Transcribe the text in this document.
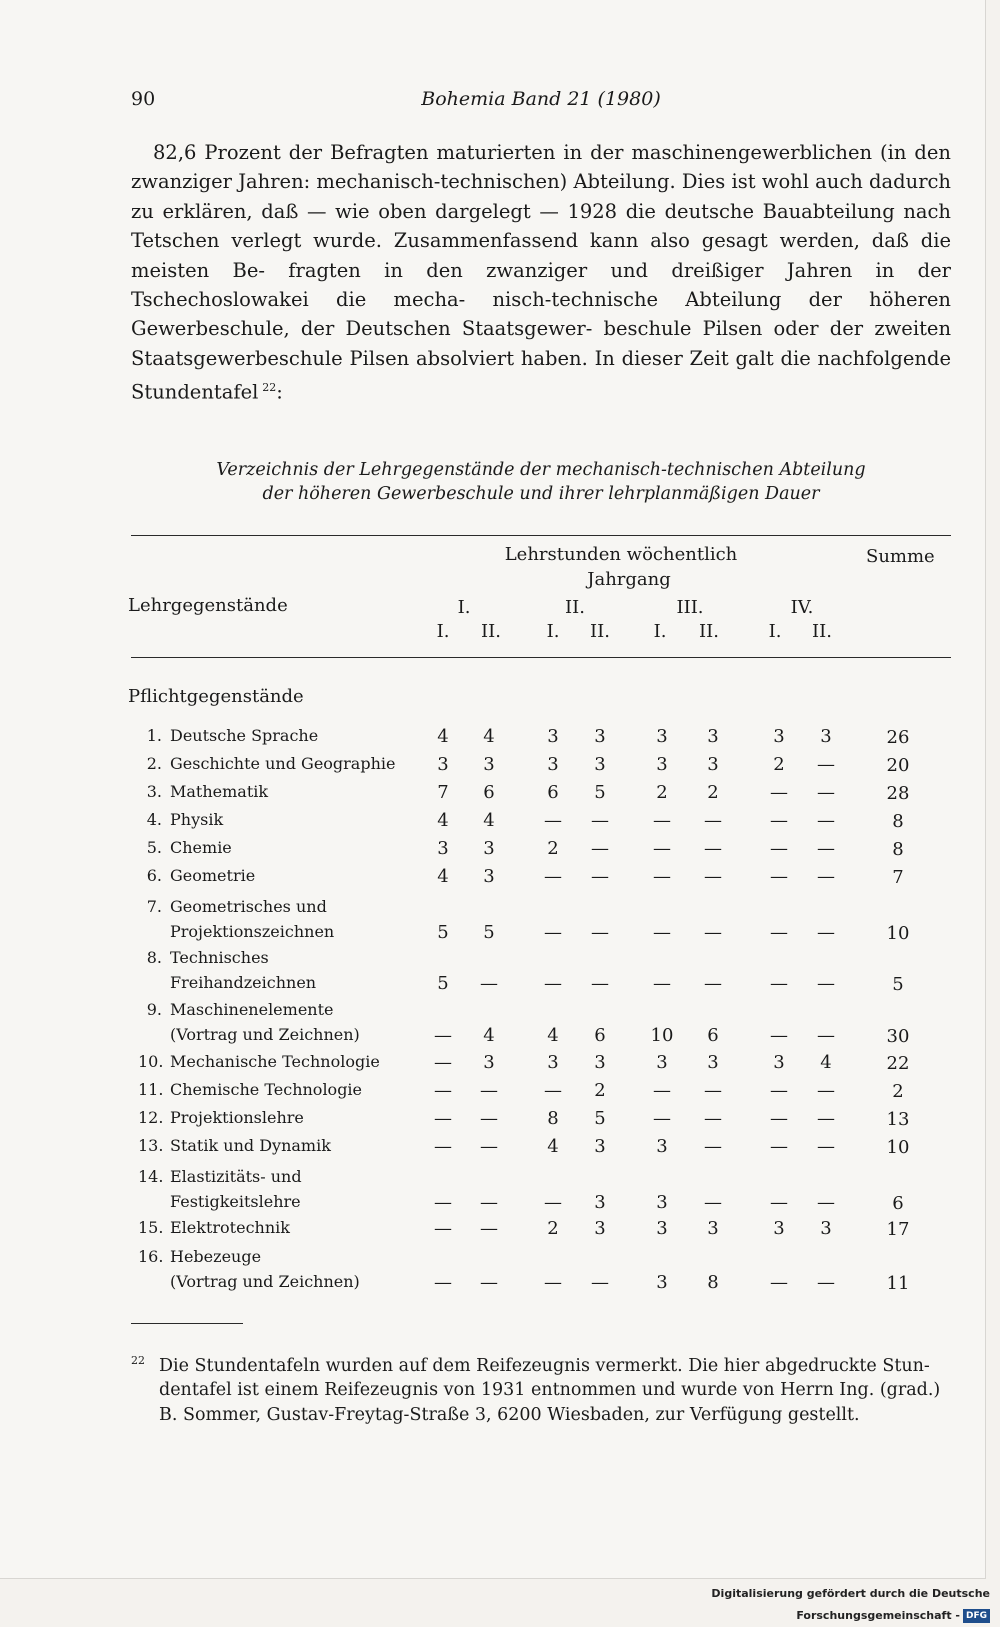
90	Bohemia Band 21 (1980)

82,6 Prozent der Befragten maturierten in der maschinengewerblichen (in den zwanziger Jahren: mechanisch-technischen) Abteilung. Dies ist wohl auch dadurch zu erklären, daß — wie oben dargelegt — 1928 die deutsche Bauabteilung nach Tetschen verlegt wurde. Zusammenfassend kann also gesagt werden, daß die meisten Be- fragten in den zwanziger und dreißiger Jahren in der Tschechoslowakei die mecha- nisch-technische Abteilung der höheren Gewerbeschule, der Deutschen Staatsgewer- beschule Pilsen oder der zweiten Staatsgewerbeschule Pilsen absolviert haben. In dieser Zeit galt die nachfolgende Stundentafel  $^{22}$:

Verzeichnis der Lehrgegenstände der mechanisch-technischen Abteilung
der höheren Gewerbeschule und ihrer lehrplanmäßigen Dauer
Lehrstunden wöchentlich
Jahrgang
Summe
Lehrgegenstände	I.	II.	III.	IV.
I. II.	I. II. I. II.	I. II.
Pflichtgegenstände
1. Deutsche Sprache	4 4	3 3	3 3	3 3	26
2. Geschichte und Geographie	3 3	3 3	3 3	2 —	20
3. Mathematik	7 6	6 5	2 2	— —	28
4. Physik	4 4	— — — —	— —	8
5. Chemie	3 3	2 — — —	— —	8
6. Geometrie	4 3	— — — —	— —	7
7. Geometrisches und
Projektionszeichnen	5 5	— — — —	— —	10
8. Technisches
Freihandzeichnen	5 —	— — — —	— —	5
9. Maschinenelemente
(Vortrag und Zeichnen)	— 4	4 6 10 6	— —	30
10. Mechanische Technologie	— 3	3 3	3 3	3 4	22
11. Chemische Technologie	— —	— 2	— —	— —	2
12. Projektionslehre	— —	8 5	— —	— —	13
13. Statik und Dynamik	— —	4 3	3 —	— —	10
14. Elastizitäts- und
Festigkeitslehre	— —	— 3	3 —	— —	6
15. Elektrotechnik	— —	2 3	3 3	3 3	17
16. Hebezeuge
(Vortrag und Zeichnen)	— —	— —	3 8	— —	11
$^{22}$ Die Stundentafeln wurden auf dem Reifezeugnis vermerkt. Die hier abgedruckte Stun-
dentafel ist einem Reifezeugnis von 1931 entnommen und wurde von Herrn Ing. (grad.)
B. Sommer, Gustav-Freytag-Straße 3, 6200 Wiesbaden, zur Verfügung gestellt.
Digitalisierung gefördert durch die Deutsche Forschungsgemeinschaft - DFG
